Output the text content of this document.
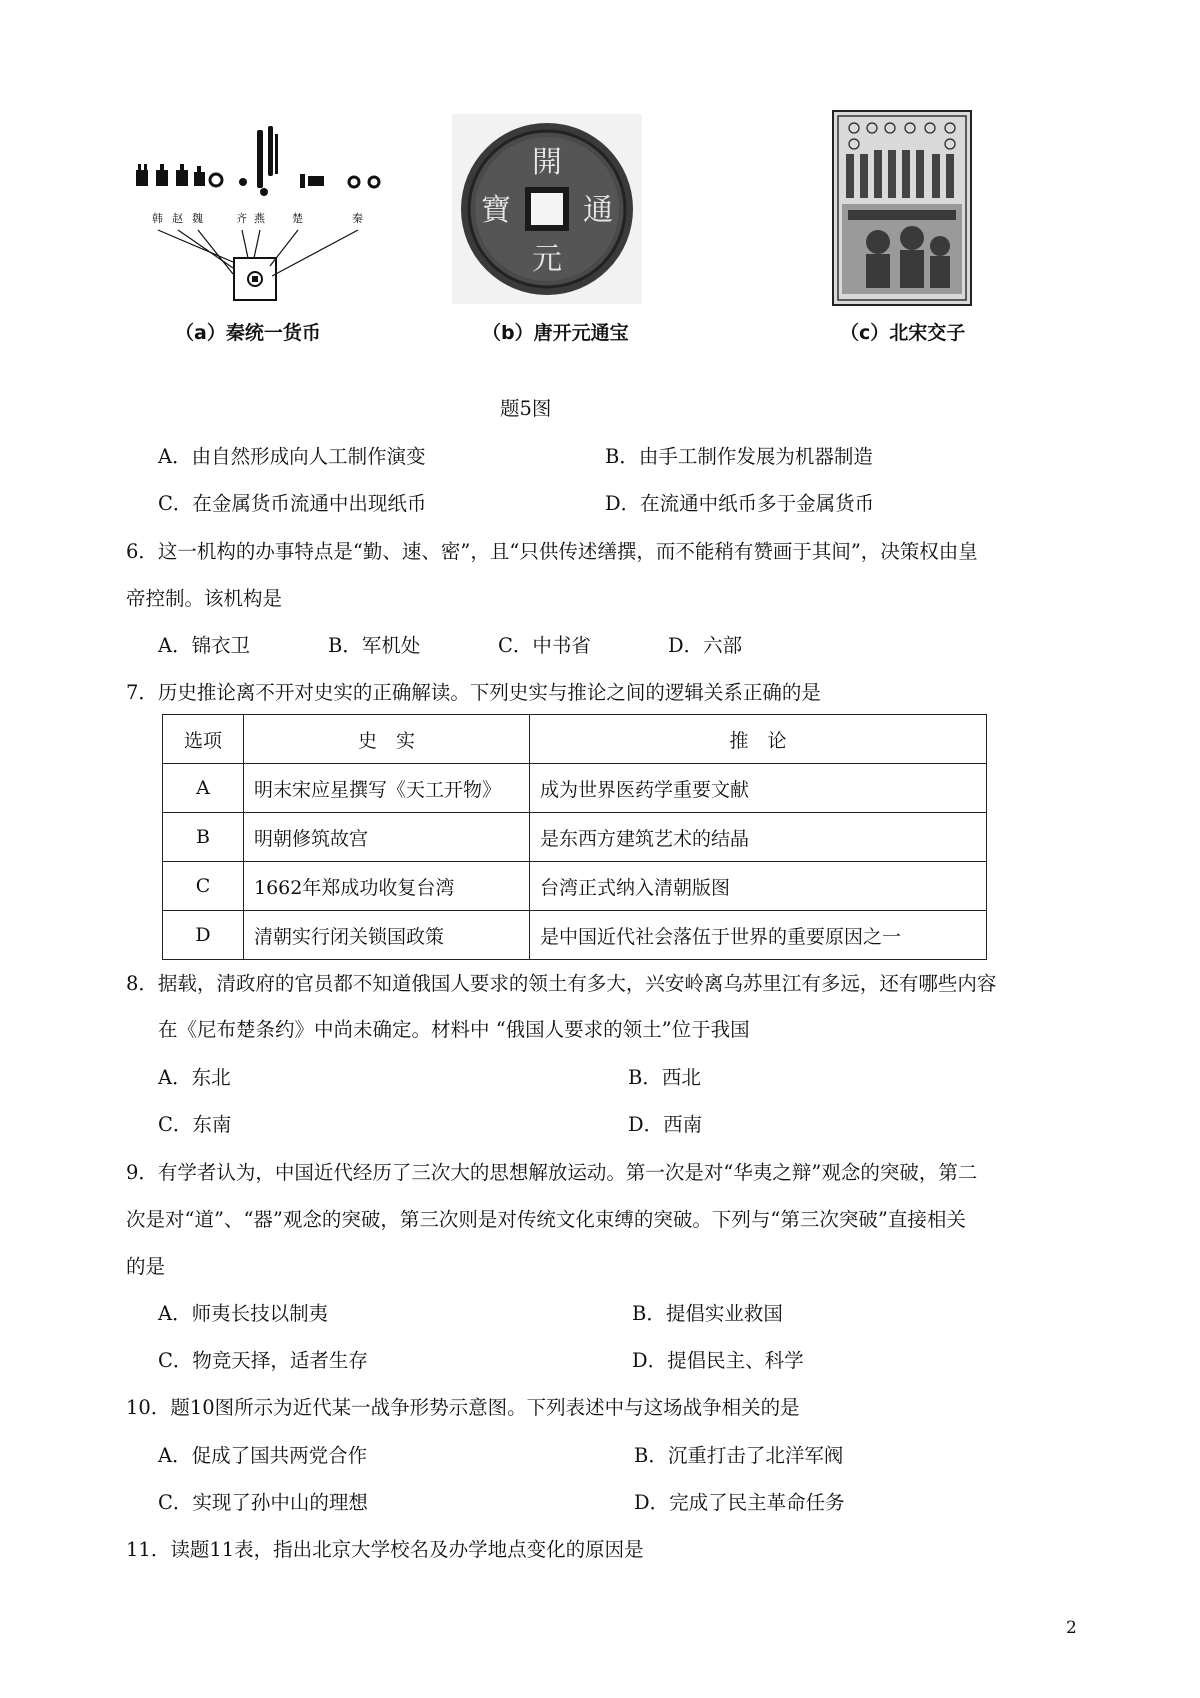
韩 赵 魏	齐 燕 楚	秦
開
元
通
寶
（a）秦统一货币	（b）唐开元通宝	（c）北宋交子
题5图
A．由自然形成向人工制作演变	B．由手工制作发展为机器制造
C．在金属货币流通中出现纸币	D．在流通中纸币多于金属货币
6．这一机构的办事特点是“勤、速、密”，且“只供传述缮撰，而不能稍有赞画于其间”，决策权由皇
帝控制。该机构是
A．锦衣卫	B．军机处	C．中书省	D．六部
7．历史推论离不开对史实的正确解读。下列史实与推论之间的逻辑关系正确的是
选项	史　实	推　论
A	明末宋应星撰写《天工开物》	成为世界医药学重要文献
B	明朝修筑故宫	是东西方建筑艺术的结晶
C	1662年郑成功收复台湾	台湾正式纳入清朝版图
D	清朝实行闭关锁国政策	是中国近代社会落伍于世界的重要原因之一
8．据载，清政府的官员都不知道俄国人要求的领土有多大，兴安岭离乌苏里江有多远，还有哪些内容
在《尼布楚条约》中尚未确定。材料中 “俄国人要求的领土”位于我国
A．东北	B．西北
C．东南	D．西南
9．有学者认为，中国近代经历了三次大的思想解放运动。第一次是对“华夷之辩”观念的突破，第二
次是对“道”、“器”观念的突破，第三次则是对传统文化束缚的突破。下列与“第三次突破”直接相关
的是
A．师夷长技以制夷	B．提倡实业救国
C．物竞天择，适者生存	D．提倡民主、科学
10．题10图所示为近代某一战争形势示意图。下列表述中与这场战争相关的是
A．促成了国共两党合作	B．沉重打击了北洋军阀
C．实现了孙中山的理想	D．完成了民主革命任务
11．读题11表，指出北京大学校名及办学地点变化的原因是
2
